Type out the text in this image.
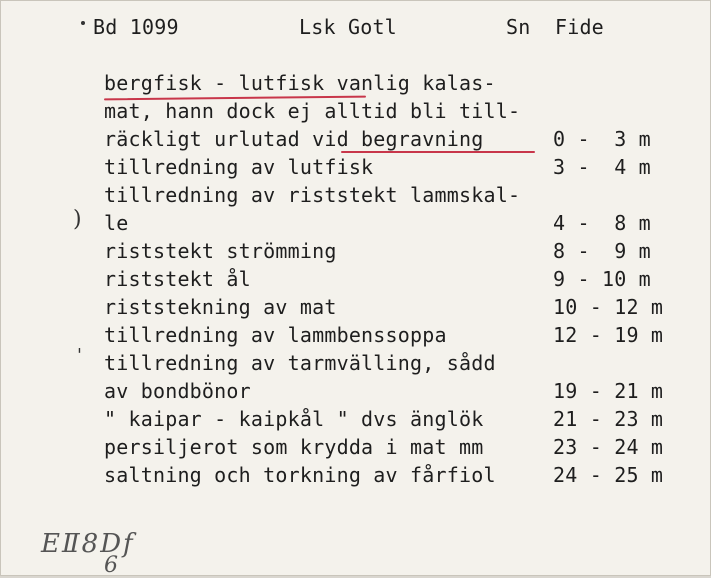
Bd 1099	Lsk Gotl	Sn  Fide
)
'
bergfisk - lutfisk vanlig kalas-
mat, hann dock ej alltid bli till-
räckligt urlutad vid begravning	0 -  3 m
tillredning av lutfisk	3 -  4 m
tillredning av riststekt lammskal-
le	4 -  8 m
riststekt strömming	8 -  9 m
riststekt ål	9 - 10 m
riststekning av mat	10 - 12 m
tillredning av lammbenssoppa	12 - 19 m
tillredning av tarmvälling, sådd
av bondbönor	19 - 21 m
" kaipar - kaipkål " dvs änglök	21 - 23 m
persiljerot som krydda i mat mm	23 - 24 m
saltning och torkning av fårfiol	24 - 25 m
EⅡ8Df
6
